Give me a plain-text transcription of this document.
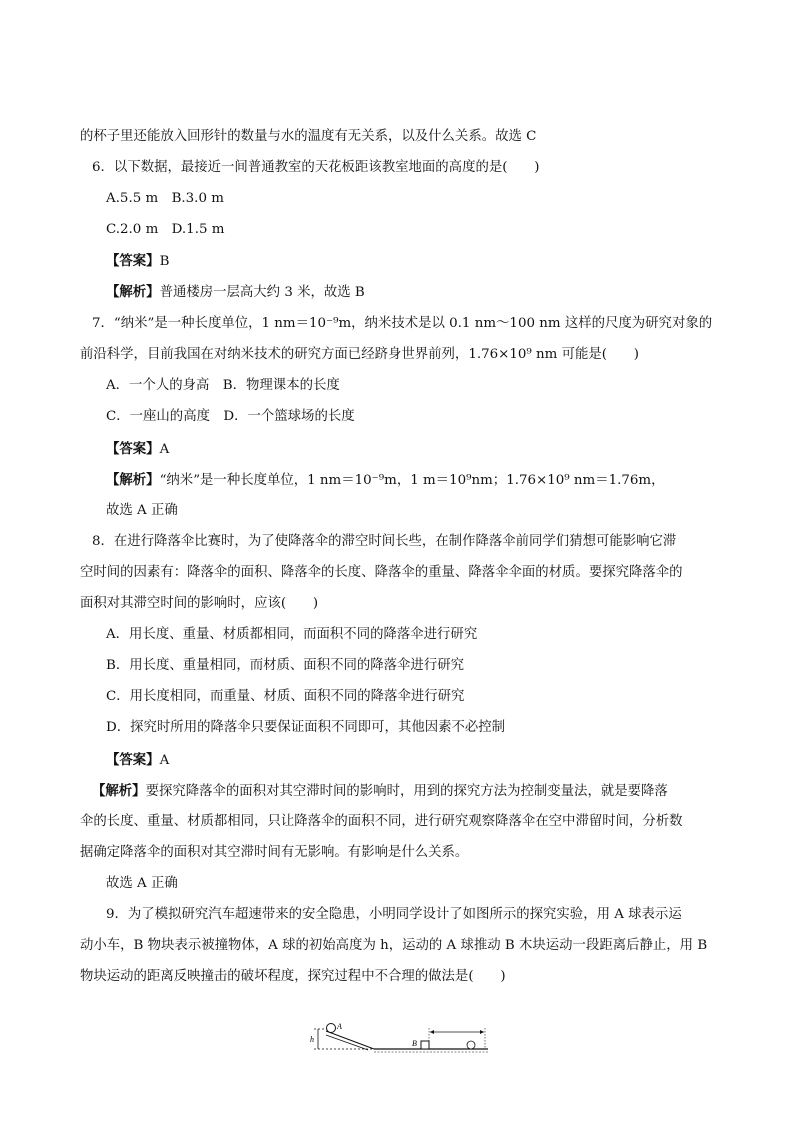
的杯子里还能放入回形针的数量与水的温度有无关系，以及什么关系。故选 C
6．以下数据，最接近一间普通教室的天花板距该教室地面的高度的是(　　)
A.5.5 m　B.3.0 m
C.2.0 m　D.1.5 m
【答案】B
【解析】普通楼房一层高大约 3 米，故选 B
7．“纳米”是一种长度单位，1 nm＝10⁻⁹m，纳米技术是以 0.1 nm～100 nm 这样的尺度为研究对象的
前沿科学，目前我国在对纳米技术的研究方面已经跻身世界前列，1.76×10⁹ nm 可能是(　　)
A．一个人的身高　B．物理课本的长度
C．一座山的高度　D．一个篮球场的长度
【答案】A
【解析】“纳米”是一种长度单位，1 nm＝10⁻⁹m，1 m＝10⁹nm；1.76×10⁹ nm＝1.76m，
故选 A 正确
8．在进行降落伞比赛时，为了使降落伞的滞空时间长些，在制作降落伞前同学们猜想可能影响它滞
空时间的因素有：降落伞的面积、降落伞的长度、降落伞的重量、降落伞伞面的材质。要探究降落伞的
面积对其滞空时间的影响时，应该(　　)
A．用长度、重量、材质都相同，而面积不同的降落伞进行研究
B．用长度、重量相同，而材质、面积不同的降落伞进行研究
C．用长度相同，而重量、材质、面积不同的降落伞进行研究
D．探究时所用的降落伞只要保证面积不同即可，其他因素不必控制
【答案】A
【解析】要探究降落伞的面积对其空滞时间的影响时，用到的探究方法为控制变量法，就是要降落
伞的长度、重量、材质都相同，只让降落伞的面积不同，进行研究观察降落伞在空中滞留时间，分析数
据确定降落伞的面积对其空滞时间有无影响。有影响是什么关系。
故选 A 正确
9．为了模拟研究汽车超速带来的安全隐患，小明同学设计了如图所示的探究实验，用 A 球表示运
动小车，B 物块表示被撞物体，A 球的初始高度为 h，运动的 A 球推动 B 木块运动一段距离后静止，用 B
物块运动的距离反映撞击的破坏程度，探究过程中不合理的做法是(　　)
A
h	B
